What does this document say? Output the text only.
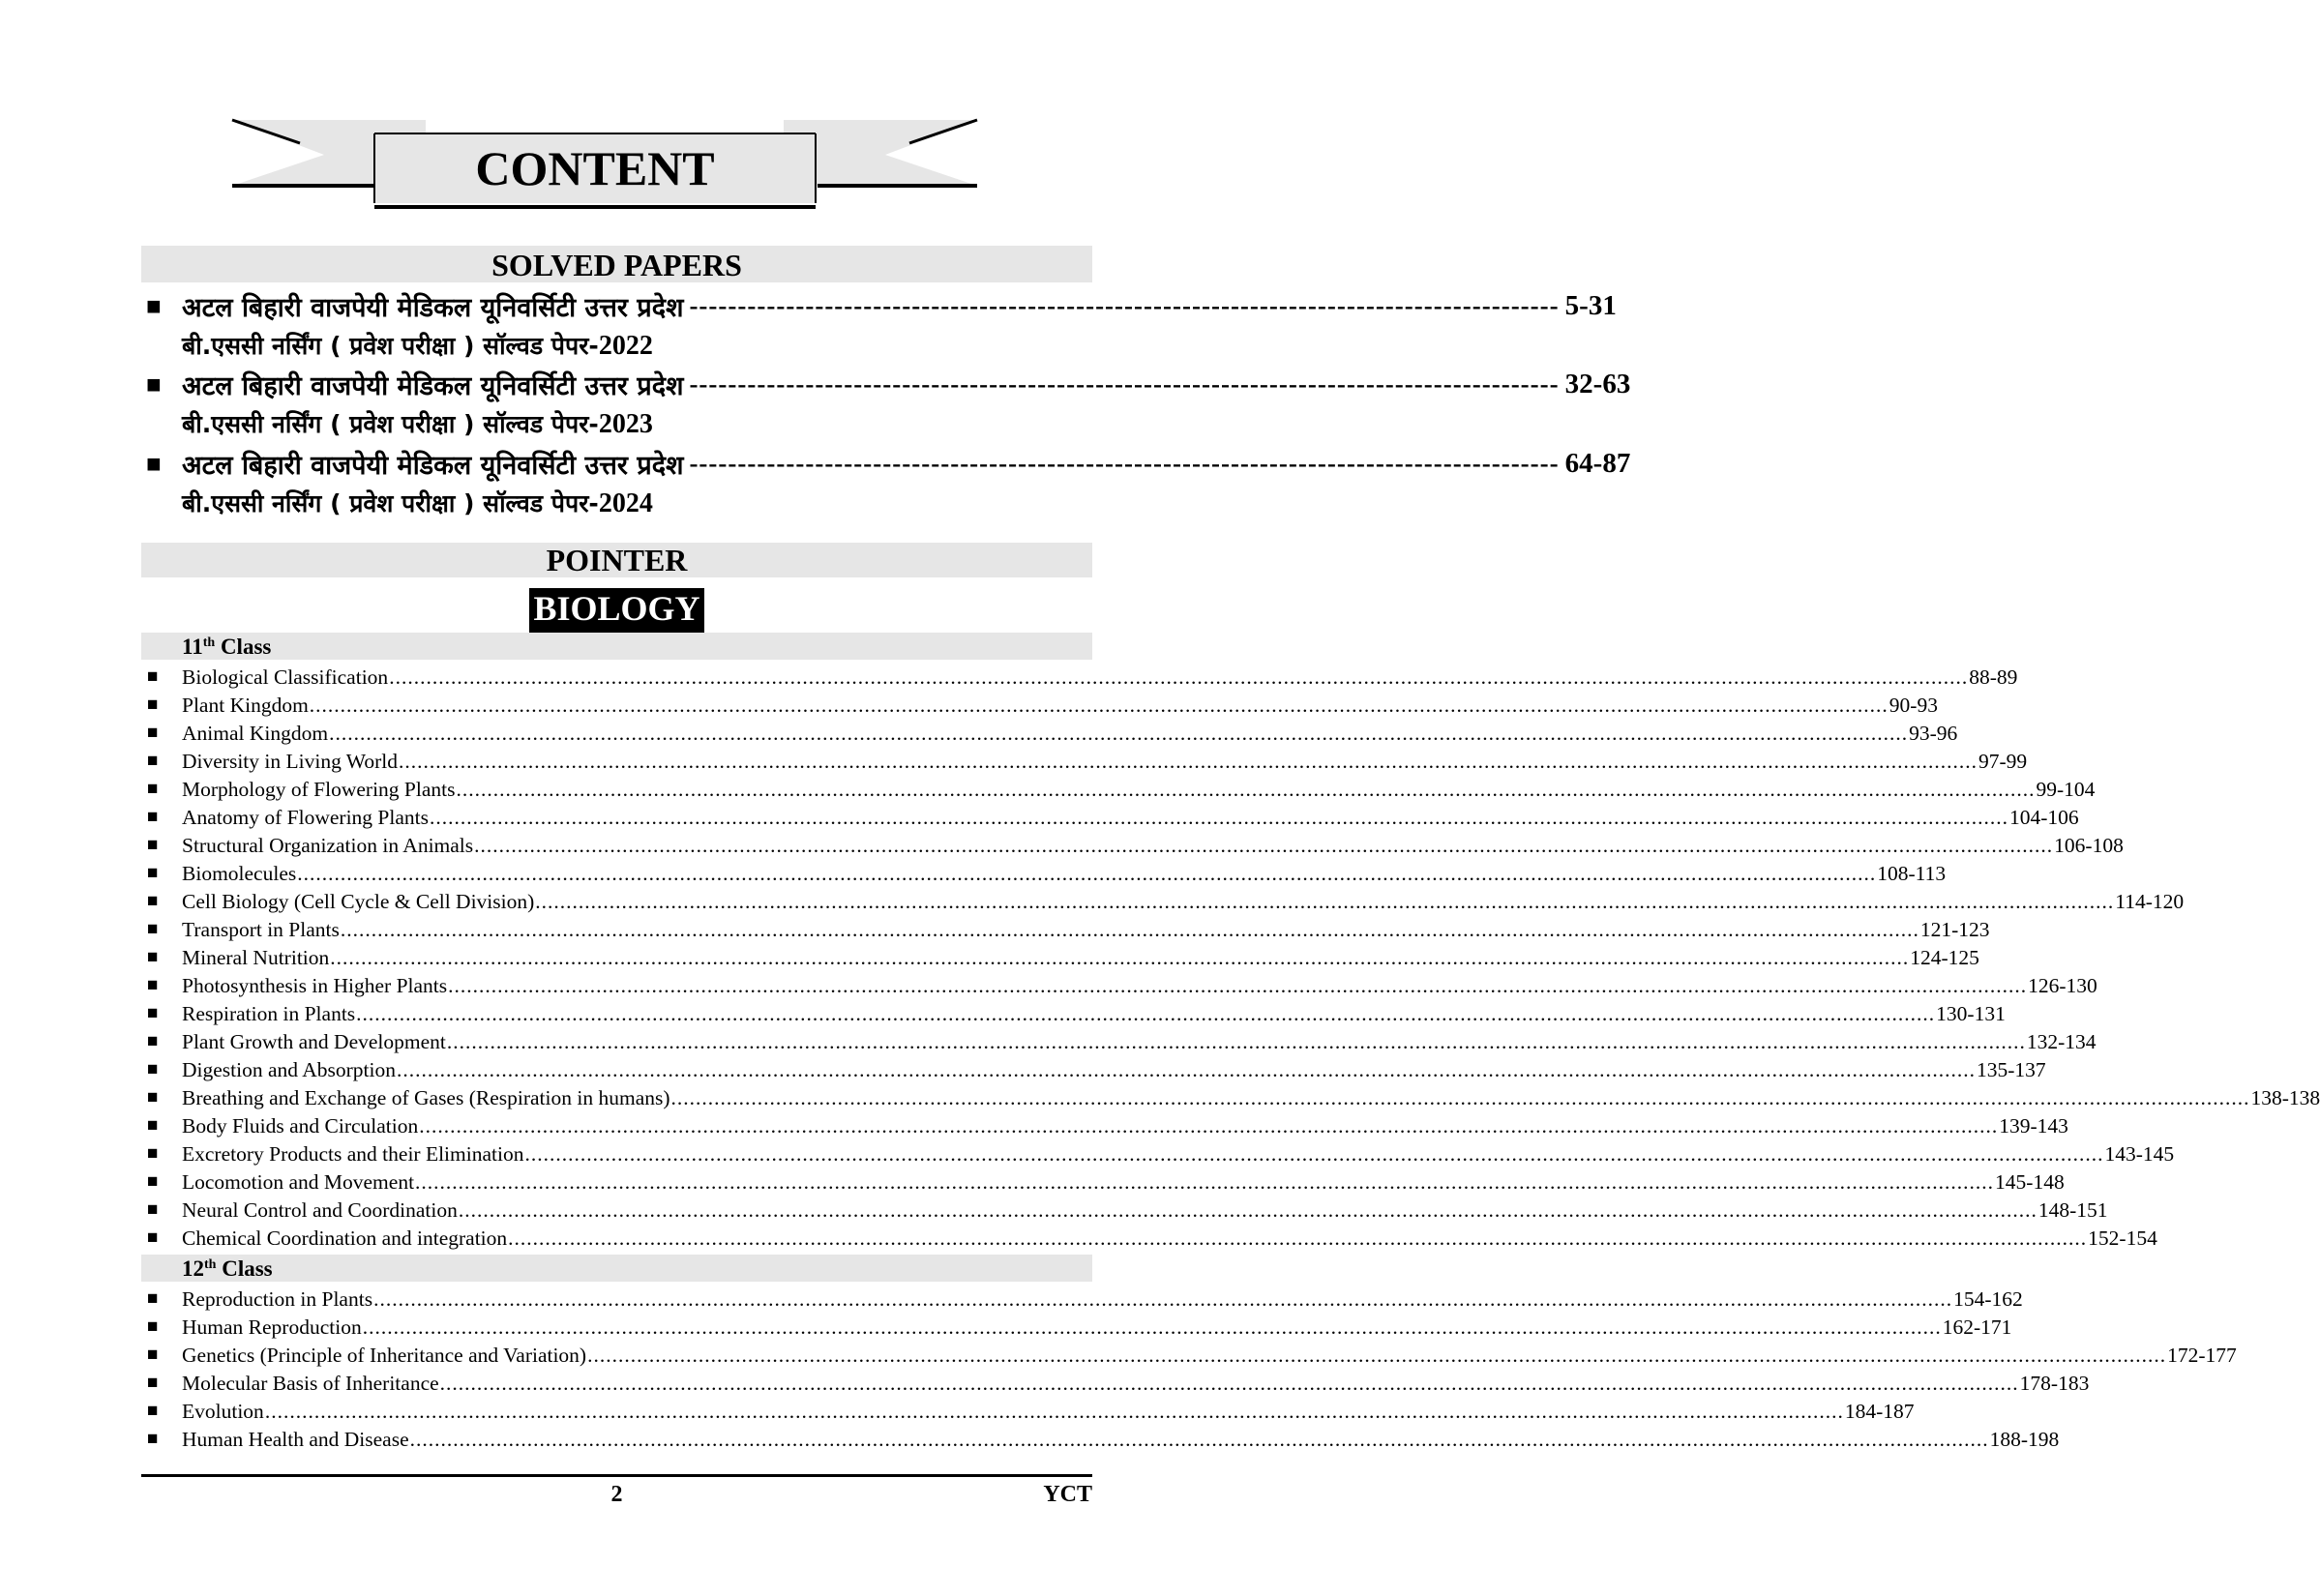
CONTENT
SOLVED PAPERS
■ अटल बिहारी वाजपेयी मेडिकल यूनिवर्सिटी उत्तर प्रदेश ------------------------------------------------------------------------------------------ 5-31
बी.एससी नर्सिंग ( प्रवेश परीक्षा ) सॉल्वड पेपर-2022
■ अटल बिहारी वाजपेयी मेडिकल यूनिवर्सिटी उत्तर प्रदेश ------------------------------------------------------------------------------------------ 32-63
बी.एससी नर्सिंग ( प्रवेश परीक्षा ) सॉल्वड पेपर-2023
■ अटल बिहारी वाजपेयी मेडिकल यूनिवर्सिटी उत्तर प्रदेश ------------------------------------------------------------------------------------------ 64-87
बी.एससी नर्सिंग ( प्रवेश परीक्षा ) सॉल्वड पेपर-2024
POINTER
BIOLOGY
11th Class
■	Biological Classification .....	88-89
■	Plant Kingdom .....	90-93
■	Animal Kingdom .....	93-96
■	Diversity in Living World .....	97-99
■	Morphology of Flowering Plants .....	99-104
■	Anatomy of Flowering Plants .....	104-106
■	Structural Organization in Animals .....	106-108
■	Biomolecules .....	108-113
■	Cell Biology (Cell Cycle & Cell Division) .....	114-120
■	Transport in Plants .....	121-123
■	Mineral Nutrition .....	124-125
■	Photosynthesis in Higher Plants .....	126-130
■	Respiration in Plants .....	130-131
■	Plant Growth and Development .....	132-134
■	Digestion and Absorption .....	135-137
■	Breathing and Exchange of Gases (Respiration in humans) .....	138-138
■	Body Fluids and Circulation .....	139-143
■	Excretory Products and their Elimination .....	143-145
■	Locomotion and Movement .....	145-148
■	Neural Control and Coordination .....	148-151
■	Chemical Coordination and integration .....	152-154
12th Class
■	Reproduction in Plants .....	154-162
■	Human Reproduction .....	162-171
■	Genetics (Principle of Inheritance and Variation) .....	172-177
■	Molecular Basis of Inheritance .....	178-183
■	Evolution .....	184-187
■	Human Health and Disease .....	188-198
2	YCT
